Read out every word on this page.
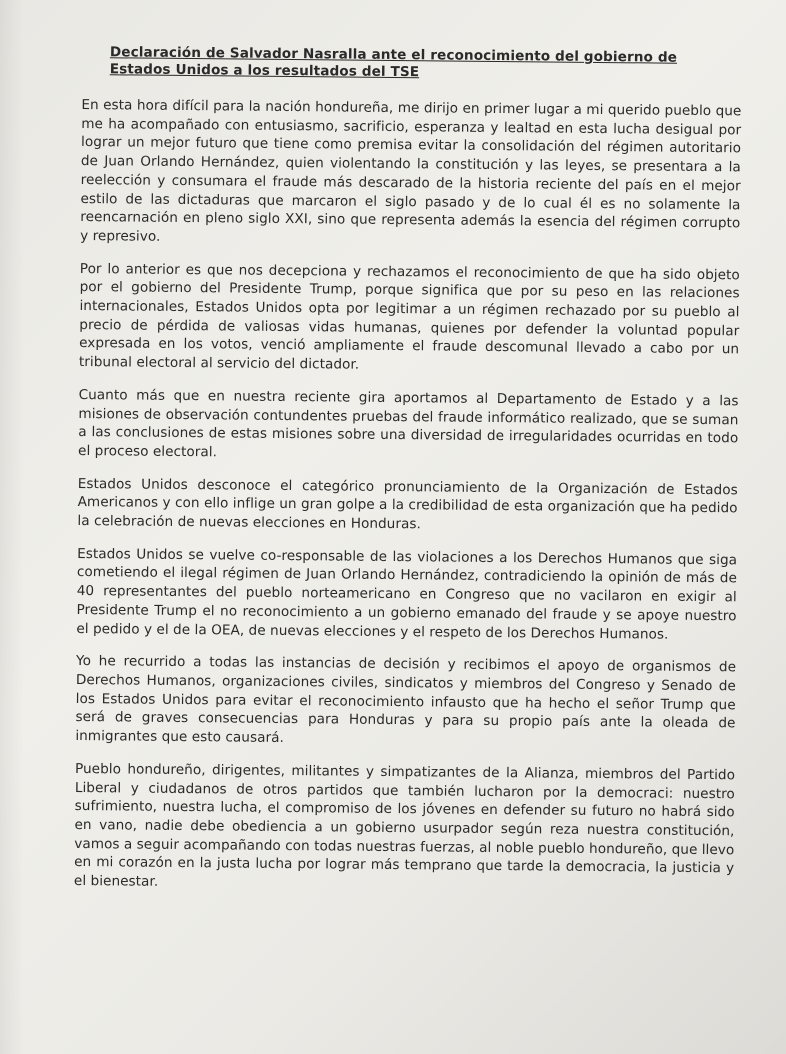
Declaración de Salvador Nasralla ante el reconocimiento del gobierno de Estados Unidos a los resultados del TSE

En esta hora difícil para la nación hondureña, me dirijo en primer lugar a mi querido pueblo que me ha acompañado con entusiasmo, sacrificio, esperanza y lealtad en esta lucha desigual por lograr un mejor futuro que tiene como premisa evitar la consolidación del régimen autoritario de Juan Orlando Hernández, quien violentando la constitución y las leyes, se presentara a la reelección y consumara el fraude más descarado de la historia reciente del país en el mejor estilo de las dictaduras que marcaron el siglo pasado y de lo cual él es no solamente la reencarnación en pleno siglo XXI, sino que representa además la esencia del régimen corrupto y represivo.

Por lo anterior es que nos decepciona y rechazamos el reconocimiento de que ha sido objeto por el gobierno del Presidente Trump, porque significa que por su peso en las relaciones internacionales, Estados Unidos opta por legitimar a un régimen rechazado por su pueblo al precio de pérdida de valiosas vidas humanas, quienes por defender la voluntad popular expresada en los votos, venció ampliamente el fraude descomunal llevado a cabo por un tribunal electoral al servicio del dictador.

Cuanto más que en nuestra reciente gira aportamos al Departamento de Estado y a las misiones de observación contundentes pruebas del fraude informático realizado, que se suman a las conclusiones de estas misiones sobre una diversidad de irregularidades ocurridas en todo el proceso electoral.

Estados Unidos desconoce el categórico pronunciamiento de la Organización de Estados Americanos y con ello inflige un gran golpe a la credibilidad de esta organización que ha pedido la celebración de nuevas elecciones en Honduras.

Estados Unidos se vuelve co-responsable de las violaciones a los Derechos Humanos que siga cometiendo el ilegal régimen de Juan Orlando Hernández, contradiciendo la opinión de más de 40 representantes del pueblo norteamericano en Congreso que no vacilaron en exigir al Presidente Trump el no reconocimiento a un gobierno emanado del fraude y se apoye nuestro el pedido y el de la OEA, de nuevas elecciones y el respeto de los Derechos Humanos.

Yo he recurrido a todas las instancias de decisión y recibimos el apoyo de organismos de Derechos Humanos, organizaciones civiles, sindicatos y miembros del Congreso y Senado de los Estados Unidos para evitar el reconocimiento infausto que ha hecho el señor Trump que será de graves consecuencias para Honduras y para su propio país ante la oleada de inmigrantes que esto causará.

Pueblo hondureño, dirigentes, militantes y simpatizantes de la Alianza, miembros del Partido Liberal y ciudadanos de otros partidos que también lucharon por la democraci: nuestro sufrimiento, nuestra lucha, el compromiso de los jóvenes en defender su futuro no habrá sido en vano, nadie debe obediencia a un gobierno usurpador según reza nuestra constitución, vamos a seguir acompañando con todas nuestras fuerzas, al noble pueblo hondureño, que llevo en mi corazón en la justa lucha por lograr más temprano que tarde la democracia, la justicia y el bienestar.
